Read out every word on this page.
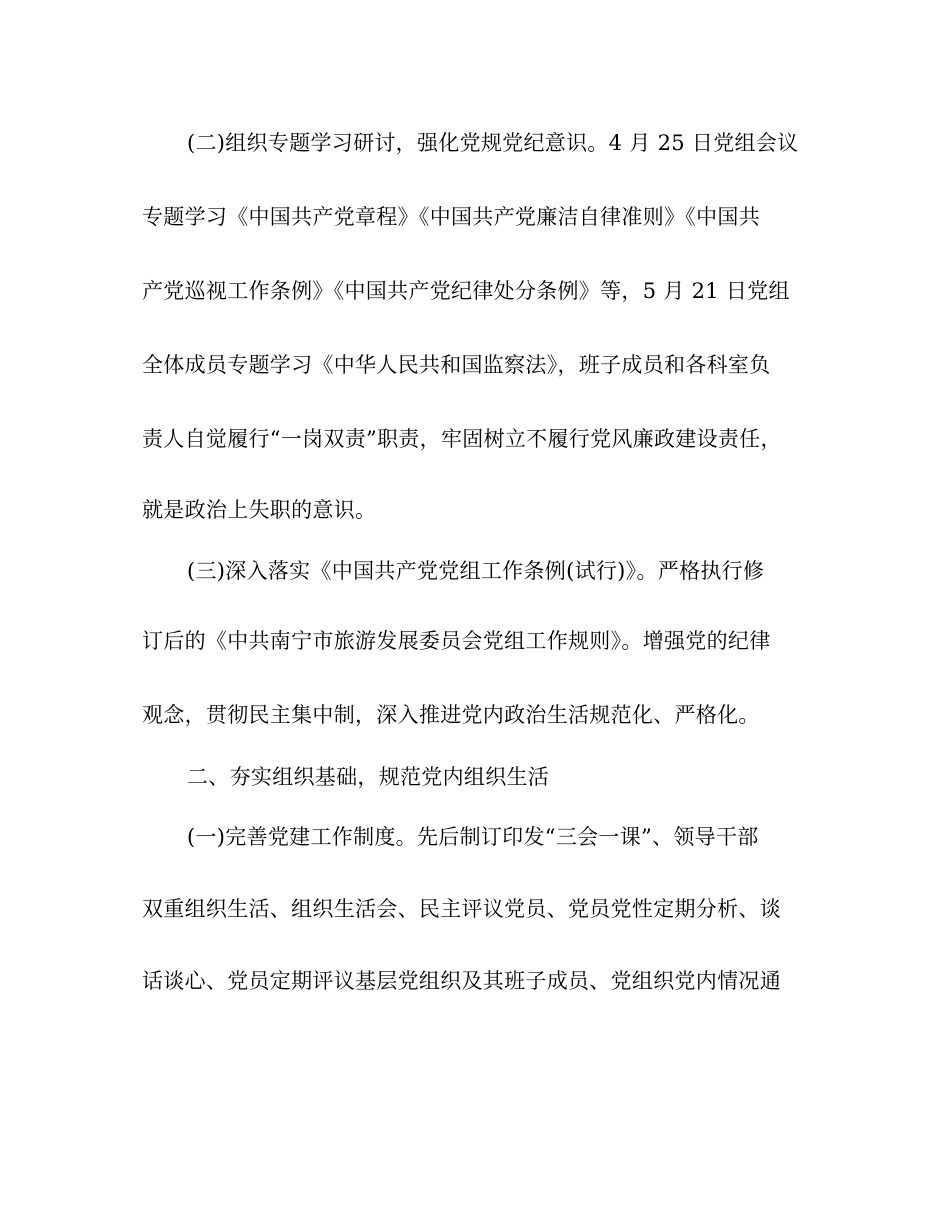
(二)组织专题学习研讨，强化党规党纪意识。4 月 25 日党组会议
专题学习《中国共产党章程》《中国共产党廉洁自律准则》《中国共
产党巡视工作条例》《中国共产党纪律处分条例》等，5 月 21 日党组
全体成员专题学习《中华人民共和国监察法》，班子成员和各科室负
责人自觉履行“一岗双责”职责，牢固树立不履行党风廉政建设责任，
就是政治上失职的意识。
(三)深入落实《中国共产党党组工作条例(试行)》。严格执行修
订后的《中共南宁市旅游发展委员会党组工作规则》。增强党的纪律
观念，贯彻民主集中制，深入推进党内政治生活规范化、严格化。
二、夯实组织基础，规范党内组织生活
(一)完善党建工作制度。先后制订印发“三会一课”、领导干部
双重组织生活、组织生活会、民主评议党员、党员党性定期分析、谈
话谈心、党员定期评议基层党组织及其班子成员、党组织党内情况通
